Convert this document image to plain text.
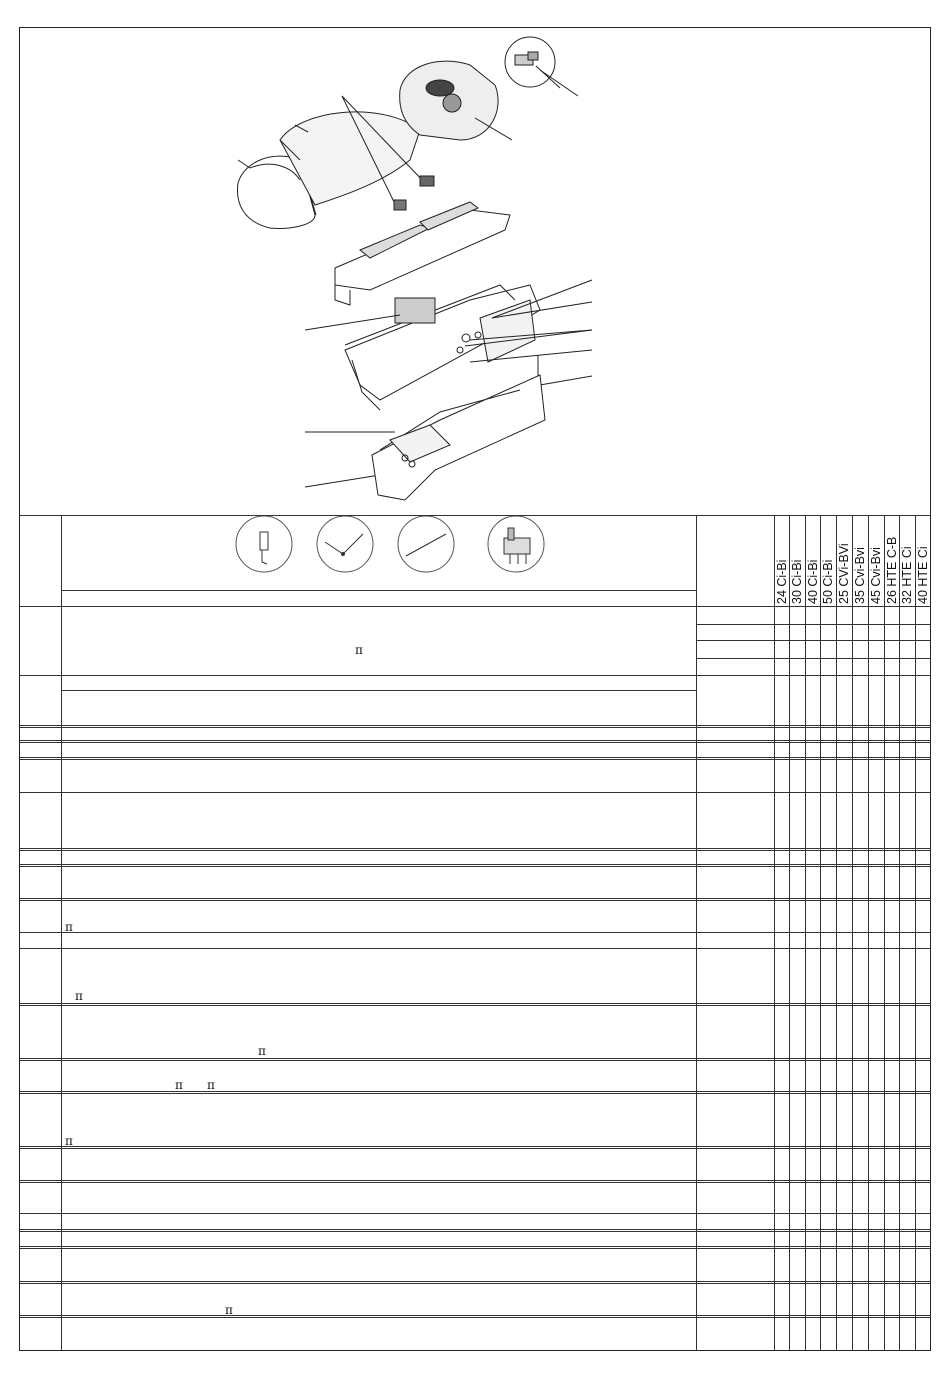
24 Ci-Bi 30 Ci-Bi 40 Ci-Bi 50 Ci-Bi 25 CVi-BVi 35 Cvi-Bvi 45 Cvi-Bvi 26 HTE C-B 32 HTE Ci 40 HTE Ci
π
π
π
π
π π
π
π
